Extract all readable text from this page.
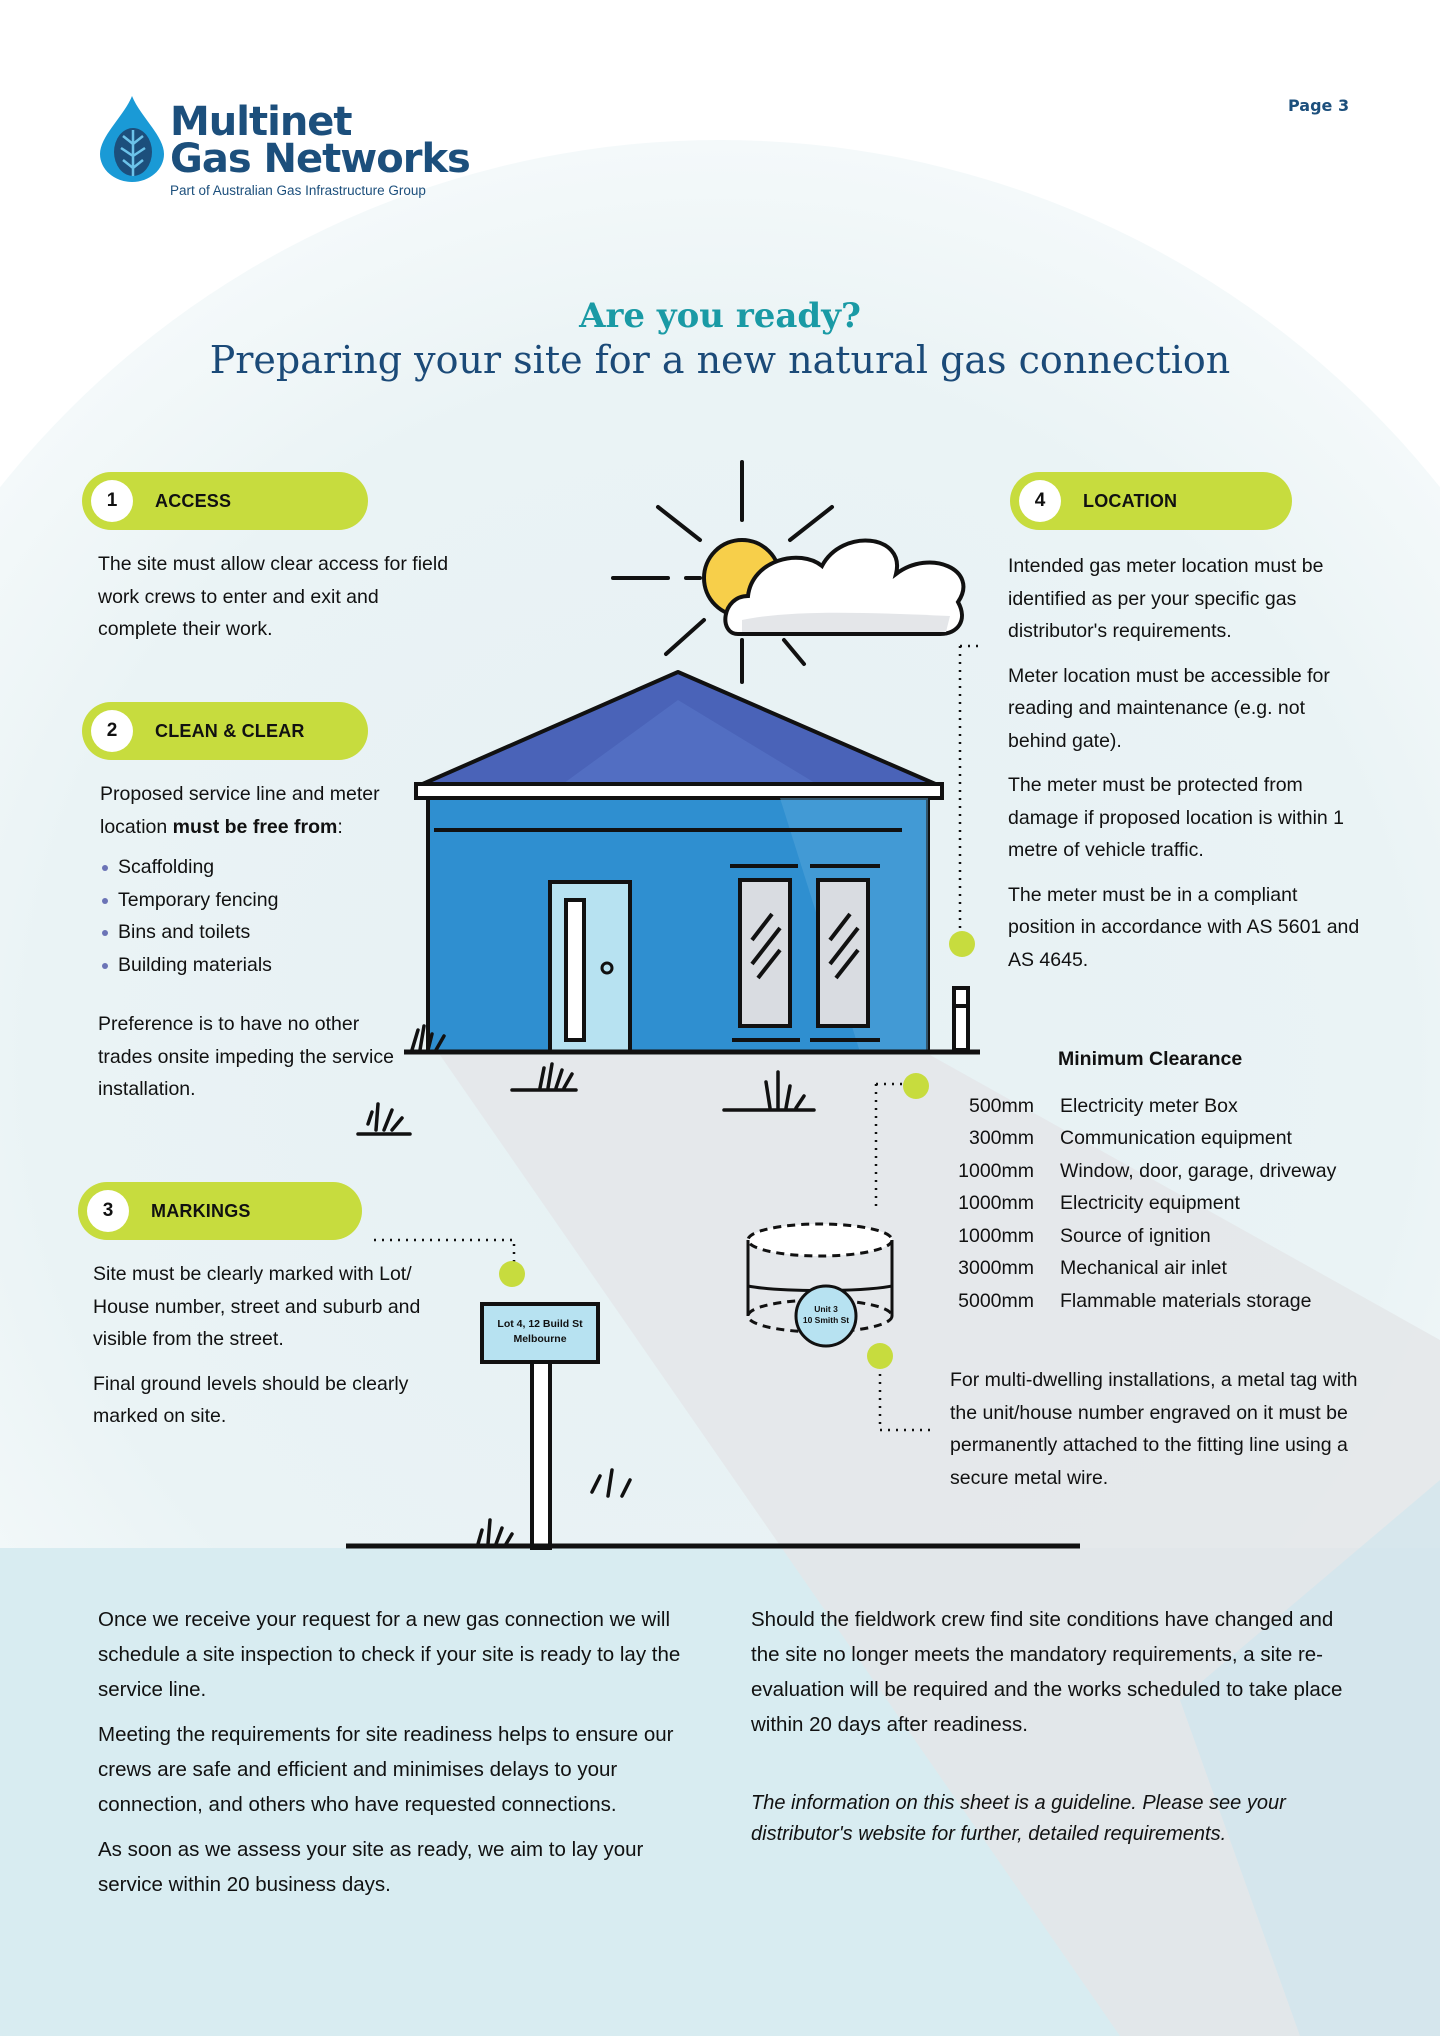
Multinet
Gas Networks
Part of Australian Gas Infrastructure Group
Page 3
Are you ready?
Preparing your site for a new natural gas connection
Lot 4, 12 Build St
Melbourne
Unit 3
10 Smith St
1	ACCESS
The site must allow clear access for field work crews to enter and exit and complete their work.
2	CLEAN & CLEAR
Proposed service line and meter location must be free from:
Scaffolding
Temporary fencing
Bins and toilets
Building materials
Preference is to have no other trades onsite impeding the service installation.
3	MARKINGS

Site must be clearly marked with Lot/ House number, street and suburb and visible from the street.

Final ground levels should be clearly marked on site.

4	LOCATION

Intended gas meter location must be identified as per your specific gas distributor's requirements.

Meter location must be accessible for reading and maintenance (e.g. not behind gate).

The meter must be protected from damage if proposed location is within 1 metre of vehicle traffic.

The meter must be in a compliant position in accordance with AS 5601 and AS 4645.

Minimum Clearance
500mm Electricity meter Box
300mm Communication equipment
1000mm Window, door, garage, driveway
1000mm Electricity equipment
1000mm Source of ignition
3000mm Mechanical air inlet
5000mm Flammable materials storage
For multi-dwelling installations, a metal tag with the unit/house number engraved on it must be permanently attached to the fitting line using a secure metal wire.

Once we receive your request for a new gas connection we will schedule a site inspection to check if your site is ready to lay the service line.

Meeting the requirements for site readiness helps to ensure our crews are safe and efficient and minimises delays to your connection, and others who have requested connections.

As soon as we assess your site as ready, we aim to lay your service within 20 business days.

Should the fieldwork crew find site conditions have changed and the site no longer meets the mandatory requirements, a site re-evaluation will be required and the works scheduled to take place within 20 days after readiness.

The information on this sheet is a guideline. Please see your distributor's website for further, detailed requirements.
